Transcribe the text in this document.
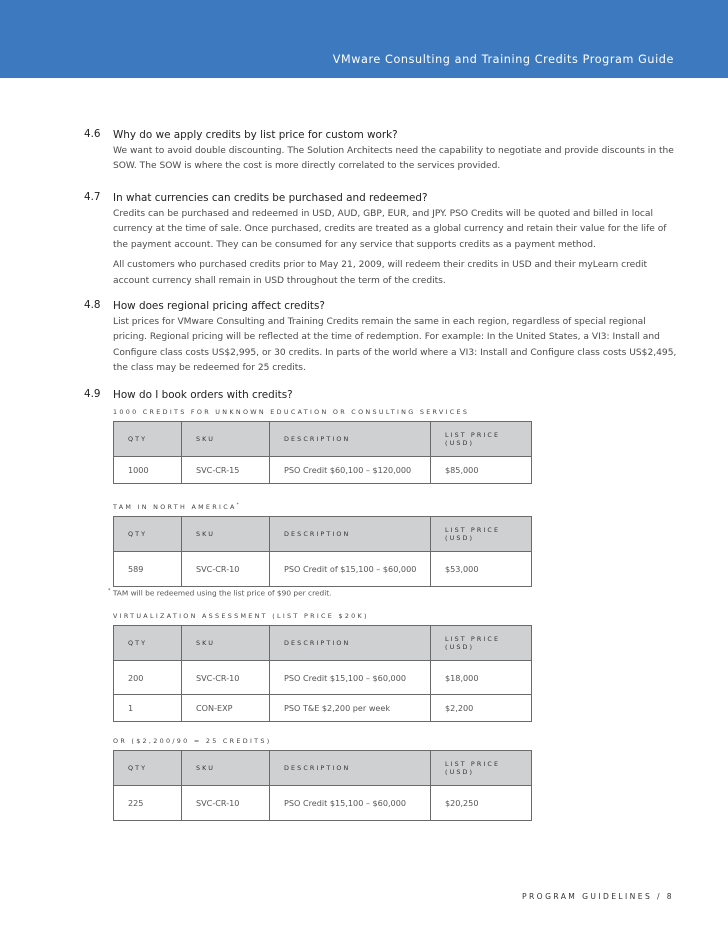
VMware Consulting and Training Credits Program Guide
4.6 Why do we apply credits by list price for custom work?

We want to avoid double discounting. The Solution Architects need the capability to negotiate and provide discounts in the SOW. The SOW is where the cost is more directly correlated to the services provided.

4.7 In what currencies can credits be purchased and redeemed?

Credits can be purchased and redeemed in USD, AUD, GBP, EUR, and JPY. PSO Credits will be quoted and billed in local currency at the time of sale. Once purchased, credits are treated as a global currency and retain their value for the life of the payment account. They can be consumed for any service that supports credits as a payment method.

All customers who purchased credits prior to May 21, 2009, will redeem their credits in USD and their myLearn credit account currency shall remain in USD throughout the term of the credits.

4.8 How does regional pricing affect credits?

List prices for VMware Consulting and Training Credits remain the same in each region, regardless of special regional pricing. Regional pricing will be reflected at the time of redemption. For example: In the United States, a VI3: Install and Configure class costs US$2,995, or 30 credits. In parts of the world where a VI3: Install and Configure class costs US$2,495, the class may be redeemed for 25 credits.

4.9 How do I book orders with credits?
1000 CREDITS FOR UNKNOWN EDUCATION OR CONSULTING SERVICES
QTY	SKU	DESCRIPTION	LIST PRICE (USD)
1000	SVC-CR-15	PSO Credit $60,100 – $120,000	$85,000
TAM IN NORTH AMERICA*
QTY	SKU	DESCRIPTION	LIST PRICE (USD)
589	SVC-CR-10	PSO Credit of $15,100 – $60,000	$53,000
* TAM will be redeemed using the list price of $90 per credit.
VIRTUALIZATION ASSESSMENT (LIST PRICE $20K)
QTY	SKU	DESCRIPTION	LIST PRICE (USD)
200	SVC-CR-10	PSO Credit $15,100 – $60,000	$18,000
1	CON-EXP	PSO T&E $2,200 per week	$2,200
OR ($2,200/90 = 25 CREDITS)
QTY	SKU	DESCRIPTION	LIST PRICE (USD)
225	SVC-CR-10	PSO Credit $15,100 – $60,000	$20,250
PROGRAM GUIDELINES / 8
